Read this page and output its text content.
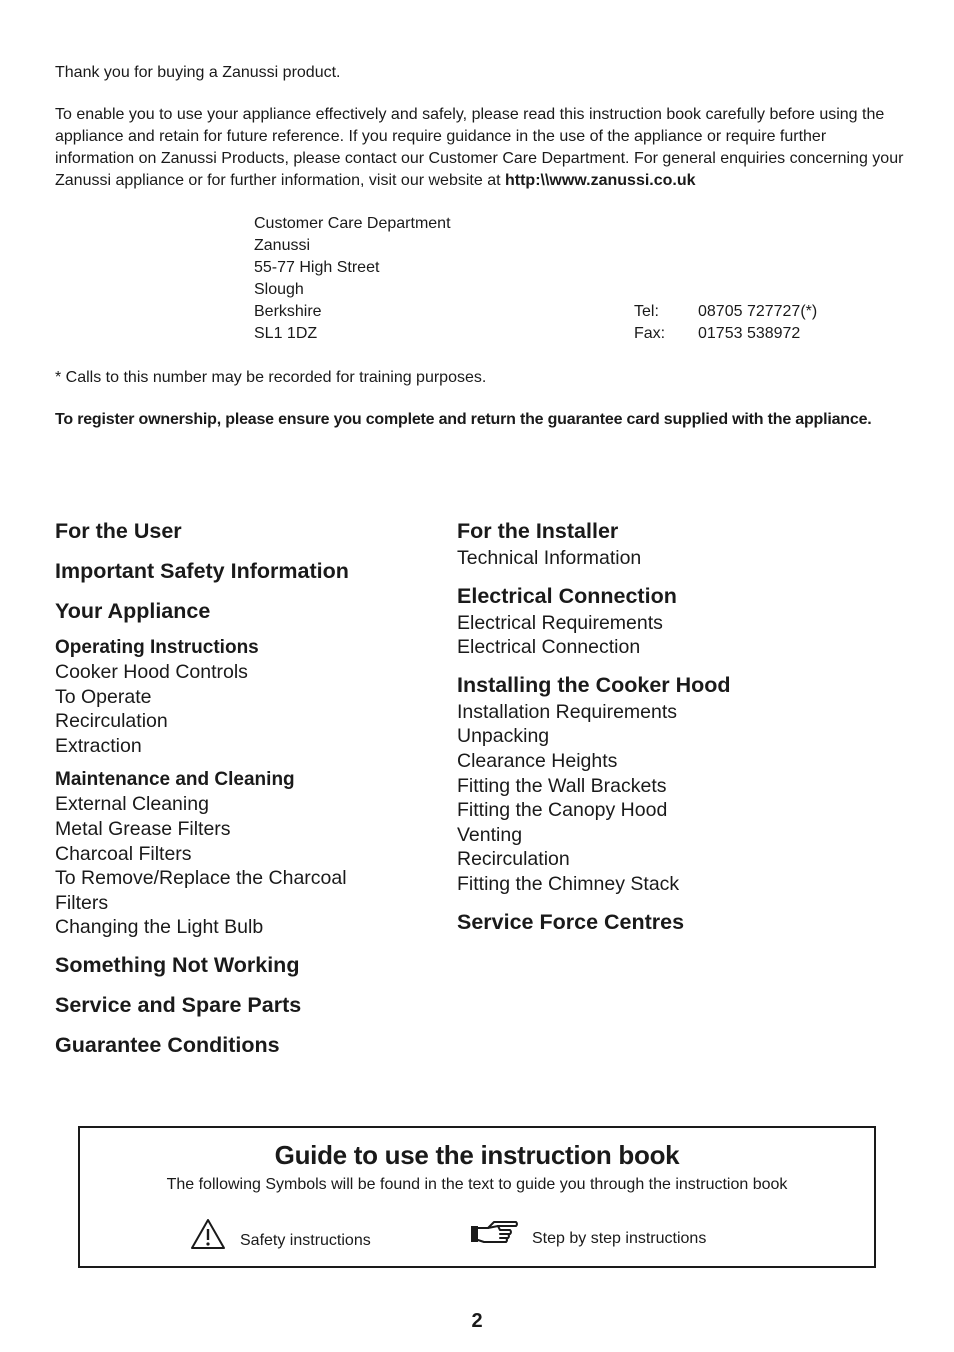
Thank you for buying a Zanussi product.
To enable you to use your appliance effectively and safely, please read this instruction book carefully before using the appliance and retain for future reference. If you require guidance in the use of the appliance or require further information on Zanussi Products, please contact our Customer Care Department. For general enquiries concerning your Zanussi appliance or for further information, visit our website at http:\\www.zanussi.co.uk
Customer Care Department
Zanussi
55-77 High Street
Slough
Berkshire
SL1 1DZ
Tel:	08705 727727(*)
Fax:	01753 538972
* Calls to this number may be recorded for training purposes.
To register ownership, please ensure you complete and return the guarantee card supplied with the appliance.
For the User
Important Safety Information
Your Appliance
Operating Instructions
Cooker Hood Controls
To Operate
Recirculation
Extraction
Maintenance and Cleaning
External Cleaning
Metal Grease Filters
Charcoal Filters
To Remove/Replace the Charcoal
Filters
Changing the Light Bulb
Something Not Working
Service and Spare Parts
Guarantee Conditions
For the Installer
Technical Information
Electrical Connection
Electrical Requirements
Electrical Connection
Installing the Cooker Hood
Installation Requirements
Unpacking
Clearance Heights
Fitting the Wall Brackets
Fitting the Canopy Hood
Venting
Recirculation
Fitting the Chimney Stack
Service Force Centres
Guide to use the instruction book
The following Symbols will be found in the text to guide you through the instruction book
Safety instructions	Step by step instructions
2
